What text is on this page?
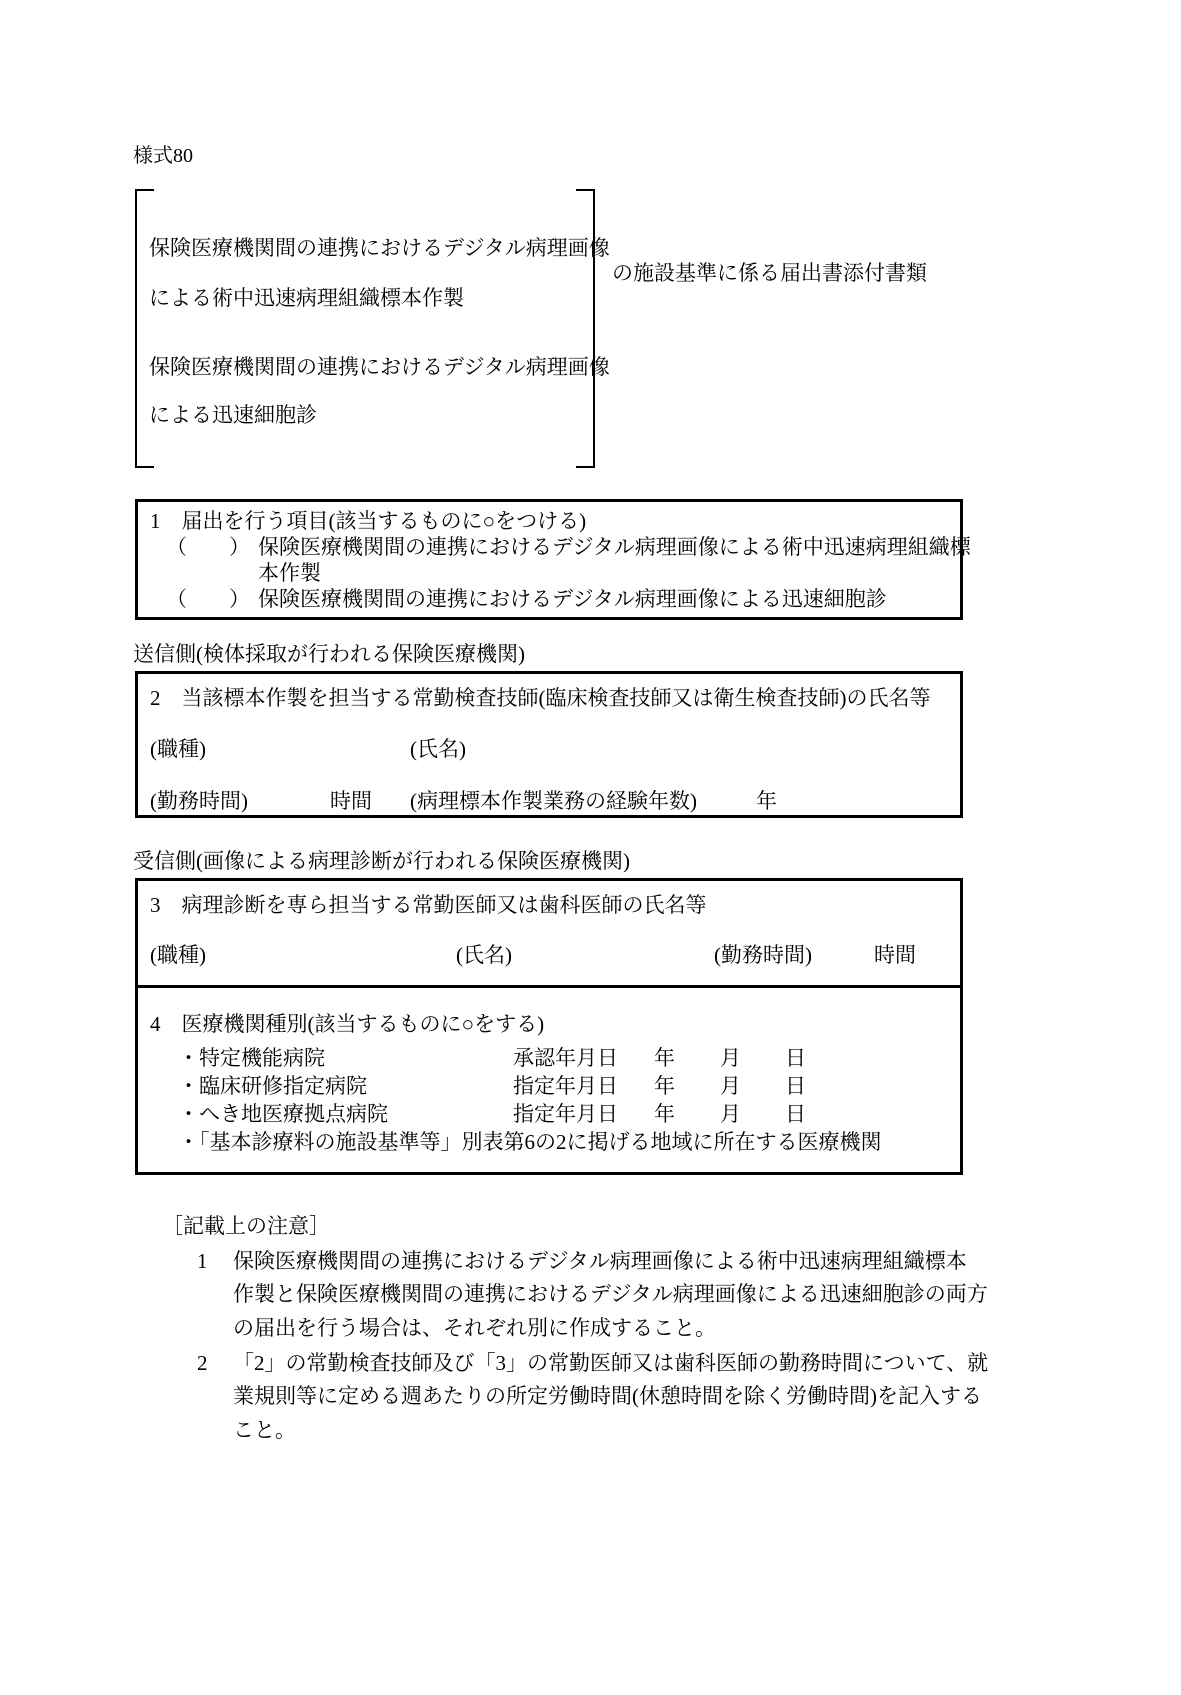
様式80
保険医療機関間の連携におけるデジタル病理画像
による術中迅速病理組織標本作製
保険医療機関間の連携におけるデジタル病理画像
による迅速細胞診
の施設基準に係る届出書添付書類
1　届出を行う項目(該当するものに○をつける)
（　　） 保険医療機関間の連携におけるデジタル病理画像による術中迅速病理組織標
本作製
（　　） 保険医療機関間の連携におけるデジタル病理画像による迅速細胞診
送信側(検体採取が行われる保険医療機関)
2　当該標本作製を担当する常勤検査技師(臨床検査技師又は衛生検査技師)の氏名等
(職種)	(氏名)
(勤務時間)	時間 (病理標本作製業務の経験年数)	年
受信側(画像による病理診断が行われる保険医療機関)
3　病理診断を専ら担当する常勤医師又は歯科医師の氏名等
(職種)	(氏名)	(勤務時間)	時間
4　医療機関種別(該当するものに○をする)
・特定機能病院	承認年月日 年 月 日
・臨床研修指定病院	指定年月日 年 月 日
・へき地医療拠点病院	指定年月日 年 月 日
・「基本診療料の施設基準等」別表第6の2に掲げる地域に所在する医療機関
［記載上の注意］
1	保険医療機関間の連携におけるデジタル病理画像による術中迅速病理組織標本
作製と保険医療機関間の連携におけるデジタル病理画像による迅速細胞診の両方
の届出を行う場合は、それぞれ別に作成すること。
2	「2」の常勤検査技師及び「3」の常勤医師又は歯科医師の勤務時間について、就
業規則等に定める週あたりの所定労働時間(休憩時間を除く労働時間)を記入する
こと。
